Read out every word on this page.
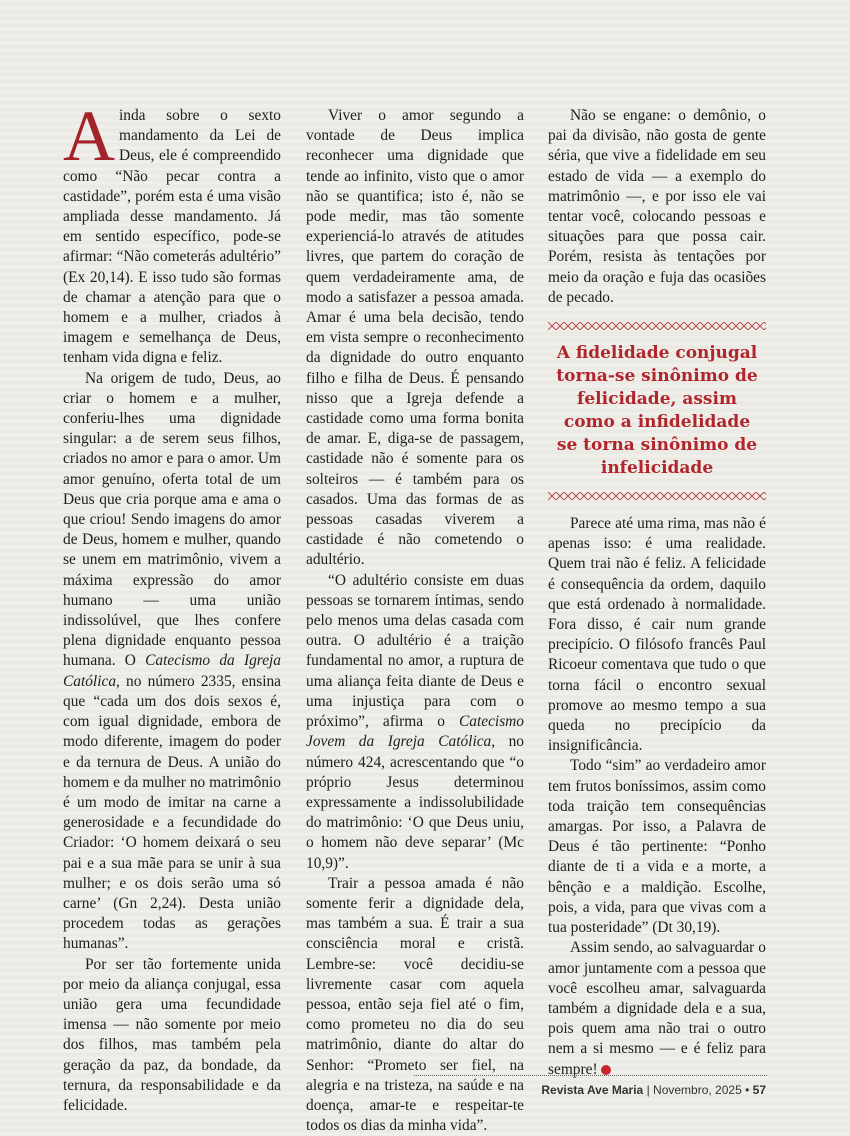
Ainda sobre o sexto mandamento da Lei de Deus, ele é compreendido como “Não pecar contra a castidade”, porém esta é uma visão ampliada desse mandamento. Já em sentido específico, pode-se afirmar: “Não cometerás adultério” (Ex 20,14). E isso tudo são formas de chamar a atenção para que o homem e a mulher, criados à imagem e semelhança de Deus, tenham vida digna e feliz.

Na origem de tudo, Deus, ao criar o homem e a mulher, conferiu-lhes uma dignidade singular: a de serem seus filhos, criados no amor e para o amor. Um amor genuíno, oferta total de um Deus que cria porque ama e ama o que criou! Sendo imagens do amor de Deus, homem e mulher, quando se unem em matrimônio, vivem a máxima expressão do amor humano — uma união indissolúvel, que lhes confere plena dignidade enquanto pessoa humana. O Catecismo da Igreja Católica, no número 2335, ensina que “cada um dos dois sexos é, com igual dignidade, embora de modo diferente, imagem do poder e da ternura de Deus. A união do homem e da mulher no matrimônio é um modo de imitar na carne a generosidade e a fecundidade do Criador: ‘O homem deixará o seu pai e a sua mãe para se unir à sua mulher; e os dois serão uma só carne’ (Gn 2,24). Desta união procedem todas as gerações humanas”.

Por ser tão fortemente unida por meio da aliança conjugal, essa união gera uma fecundidade imensa — não somente por meio dos filhos, mas também pela geração da paz, da bondade, da ternura, da responsabilidade e da felicidade.

Viver o amor segundo a vontade de Deus implica reconhecer uma dignidade que tende ao infinito, visto que o amor não se quantifica; isto é, não se pode medir, mas tão somente experienciá-lo através de atitudes livres, que partem do coração de quem verdadeiramente ama, de modo a satisfazer a pessoa amada. Amar é uma bela decisão, tendo em vista sempre o reconhecimento da dignidade do outro enquanto filho e filha de Deus. É pensando nisso que a Igreja defende a castidade como uma forma bonita de amar. E, diga-se de passagem, castidade não é somente para os solteiros — é também para os casados. Uma das formas de as pessoas casadas viverem a castidade é não cometendo o adultério.

“O adultério consiste em duas pessoas se tornarem íntimas, sendo pelo menos uma delas casada com outra. O adultério é a traição fundamental no amor, a ruptura de uma aliança feita diante de Deus e uma injustiça para com o próximo”, afirma o Catecismo Jovem da Igreja Católica, no número 424, acrescentando que “o próprio Jesus determinou expressamente a indissolubilidade do matrimônio: ‘O que Deus uniu, o homem não deve separar’ (Mc 10,9)”.

Trair a pessoa amada é não somente ferir a dignidade dela, mas também a sua. É trair a sua consciência moral e cristã. Lembre-se: você decidiu-se livremente casar com aquela pessoa, então seja fiel até o fim, como prometeu no dia do seu matrimônio, diante do altar do Senhor: “Prometo ser fiel, na alegria e na tristeza, na saúde e na doença, amar-te e respeitar-te todos os dias da minha vida”.

Não se engane: o demônio, o pai da divisão, não gosta de gente séria, que vive a fidelidade em seu estado de vida — a exemplo do matrimônio —, e por isso ele vai tentar você, colocando pessoas e situações para que possa cair. Porém, resista às tentações por meio da oração e fuja das ocasiões de pecado.

A fidelidade conjugal torna-se sinônimo de felicidade, assim como a infidelidade se torna sinônimo de infelicidade

Parece até uma rima, mas não é apenas isso: é uma realidade. Quem trai não é feliz. A felicidade é consequência da ordem, daquilo que está ordenado à normalidade. Fora disso, é cair num grande precipício. O filósofo francês Paul Ricoeur comentava que tudo o que torna fácil o encontro sexual promove ao mesmo tempo a sua queda no precipício da insignificância.

Todo “sim” ao verdadeiro amor tem frutos boníssimos, assim como toda traição tem consequências amargas. Por isso, a Palavra de Deus é tão pertinente: “Ponho diante de ti a vida e a morte, a bênção e a maldição. Escolhe, pois, a vida, para que vivas com a tua posteridade” (Dt 30,19).

Assim sendo, ao salvaguardar o amor juntamente com a pessoa que você escolheu amar, salvaguarda também a dignidade dela e a sua, pois quem ama não trai o outro nem a si mesmo — e é feliz para sempre!

Revista Ave Maria | Novembro, 2025 • 57
